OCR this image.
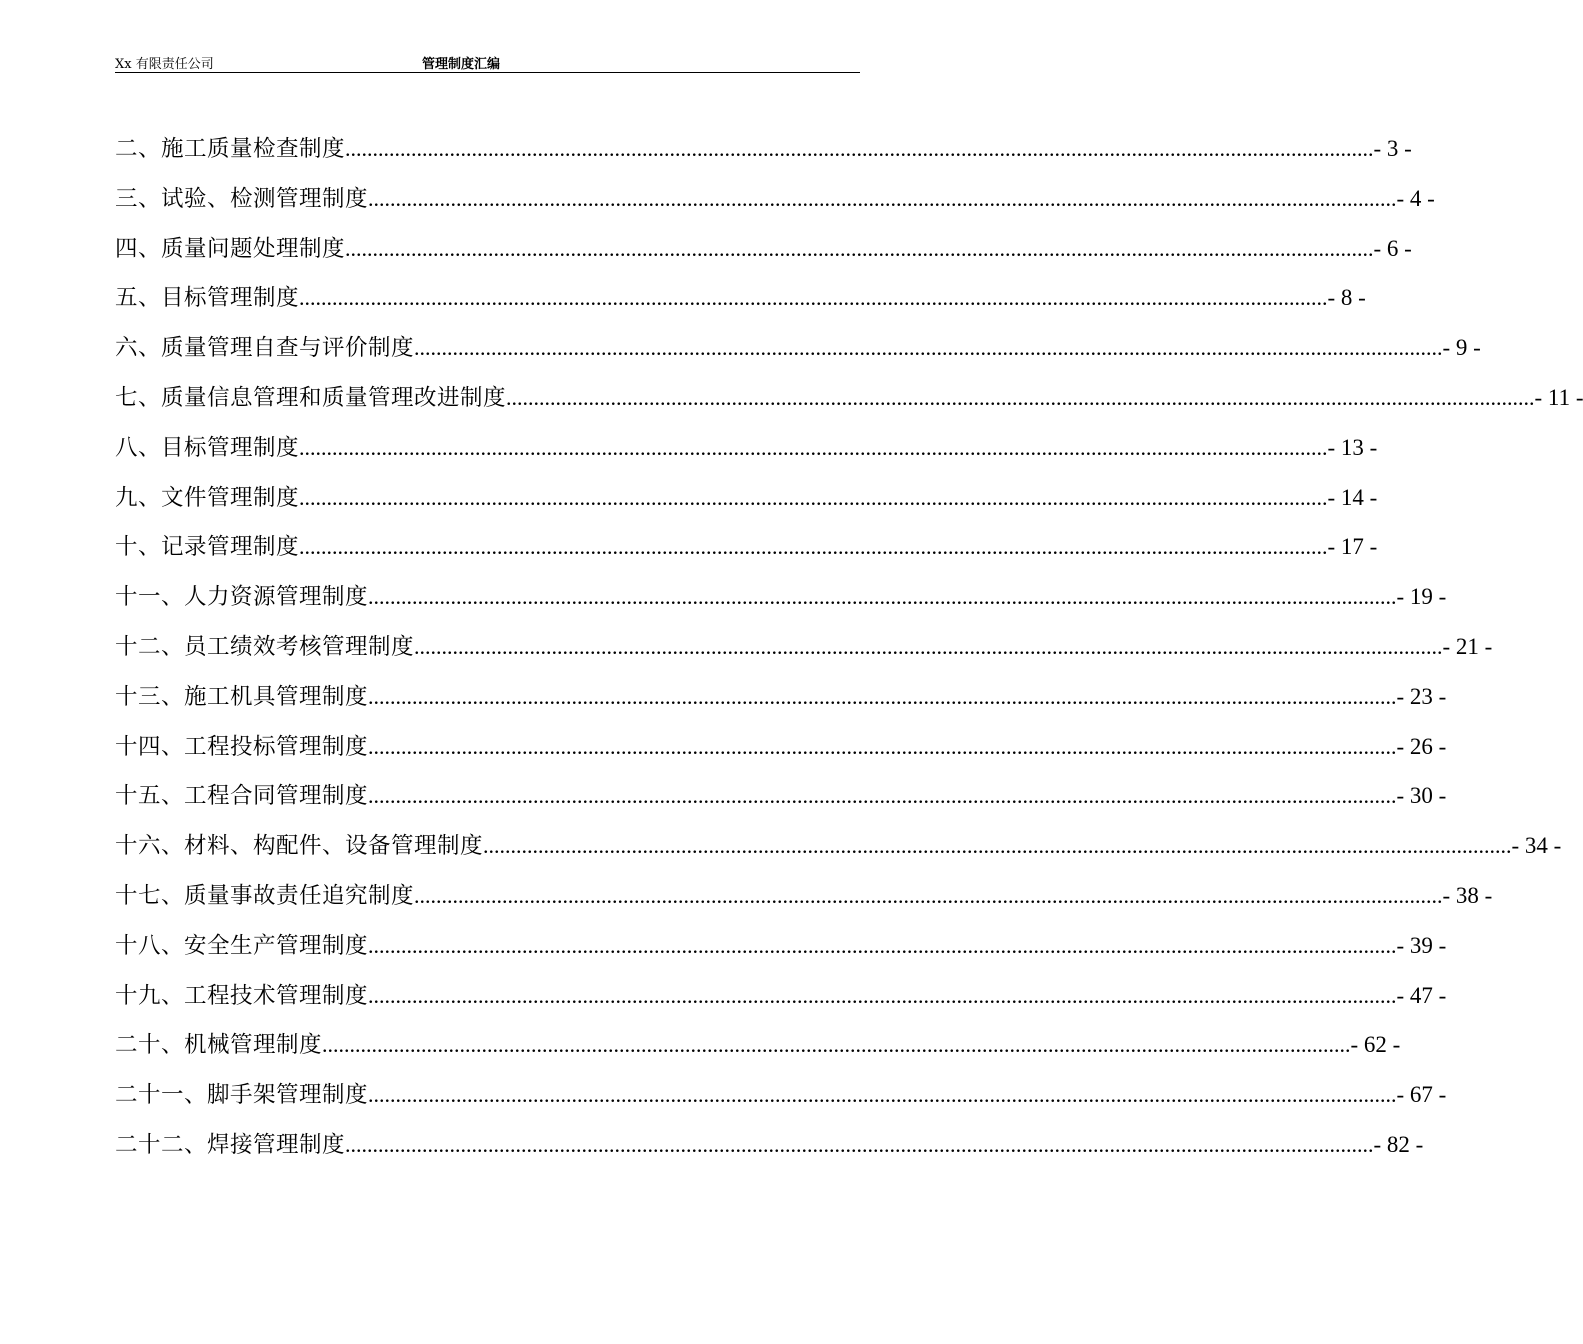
Xx 有限责任公司	管理制度汇编
二、施工质量检查制度 ........................................................................................................................................................................................... - 3 -
三、试验、检测管理制度 ........................................................................................................................................................................................... - 4 -
四、质量问题处理制度 ........................................................................................................................................................................................... - 6 -
五、目标管理制度 ........................................................................................................................................................................................... - 8 -
六、质量管理自查与评价制度 ........................................................................................................................................................................................... - 9 -
七、质量信息管理和质量管理改进制度 ........................................................................................................................................................................................... - 11 -
八、目标管理制度 ........................................................................................................................................................................................... - 13 -
九、文件管理制度 ........................................................................................................................................................................................... - 14 -
十、记录管理制度 ........................................................................................................................................................................................... - 17 -
十一、人力资源管理制度 ........................................................................................................................................................................................... - 19 -
十二、员工绩效考核管理制度 ........................................................................................................................................................................................... - 21 -
十三、施工机具管理制度 ........................................................................................................................................................................................... - 23 -
十四、工程投标管理制度 ........................................................................................................................................................................................... - 26 -
十五、工程合同管理制度 ........................................................................................................................................................................................... - 30 -
十六、材料、构配件、设备管理制度 ........................................................................................................................................................................................... - 34 -
十七、质量事故责任追究制度 ........................................................................................................................................................................................... - 38 -
十八、安全生产管理制度 ........................................................................................................................................................................................... - 39 -
十九、工程技术管理制度 ........................................................................................................................................................................................... - 47 -
二十、机械管理制度 ........................................................................................................................................................................................... - 62 -
二十一、脚手架管理制度 ........................................................................................................................................................................................... - 67 -
二十二、焊接管理制度 ........................................................................................................................................................................................... - 82 -
